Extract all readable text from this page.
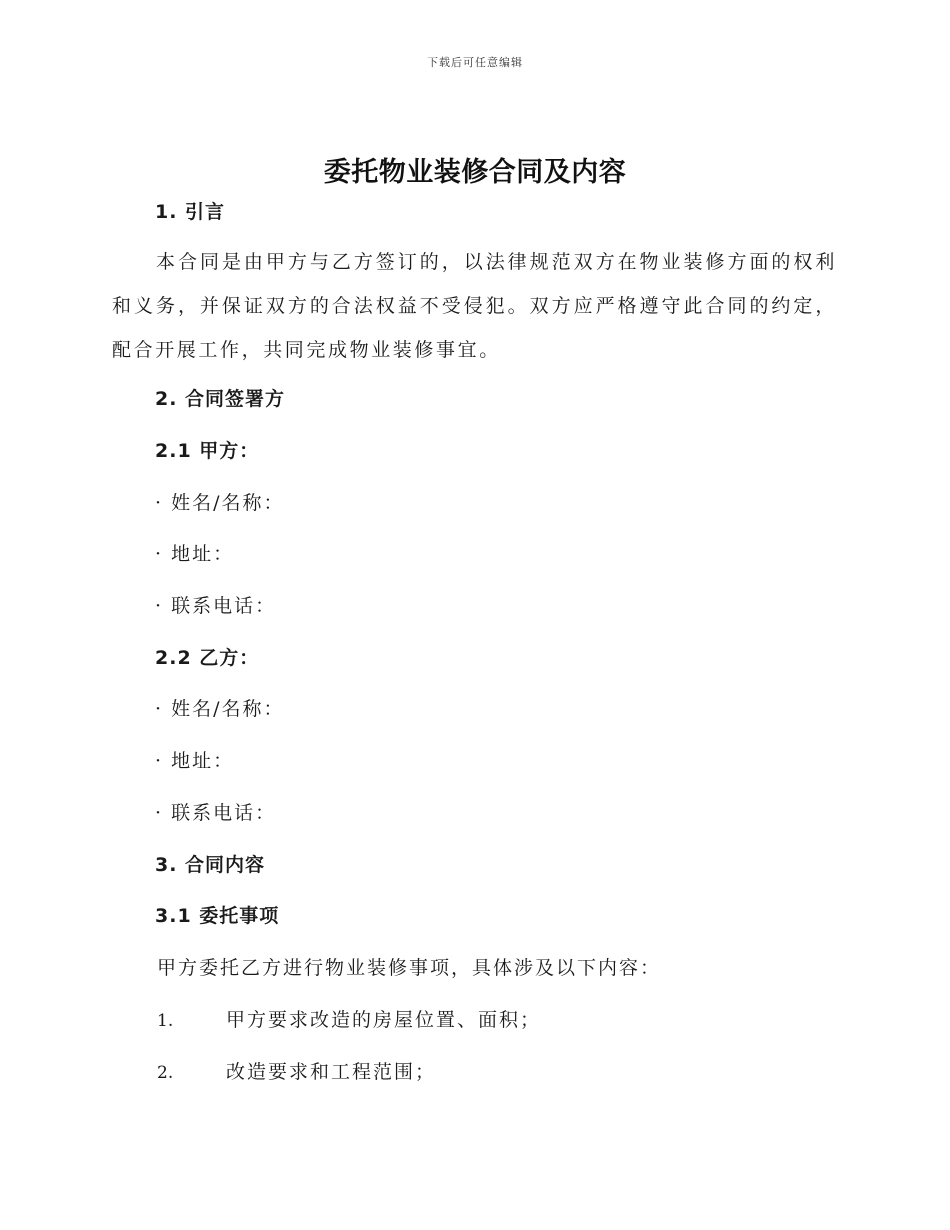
下载后可任意编辑
委托物业装修合同及内容
1. 引言
本合同是由甲方与乙方签订的，以法律规范双方在物业装修方面的权利和义务，并保证双方的合法权益不受侵犯。双方应严格遵守此合同的约定，配合开展工作，共同完成物业装修事宜。
2. 合同签署方
2.1 甲方：
· 姓名/名称：
· 地址：
· 联系电话：
2.2 乙方：
· 姓名/名称：
· 地址：
· 联系电话：
3. 合同内容
3.1 委托事项
甲方委托乙方进行物业装修事项，具体涉及以下内容：
1.	甲方要求改造的房屋位置、面积；
2.	改造要求和工程范围；
